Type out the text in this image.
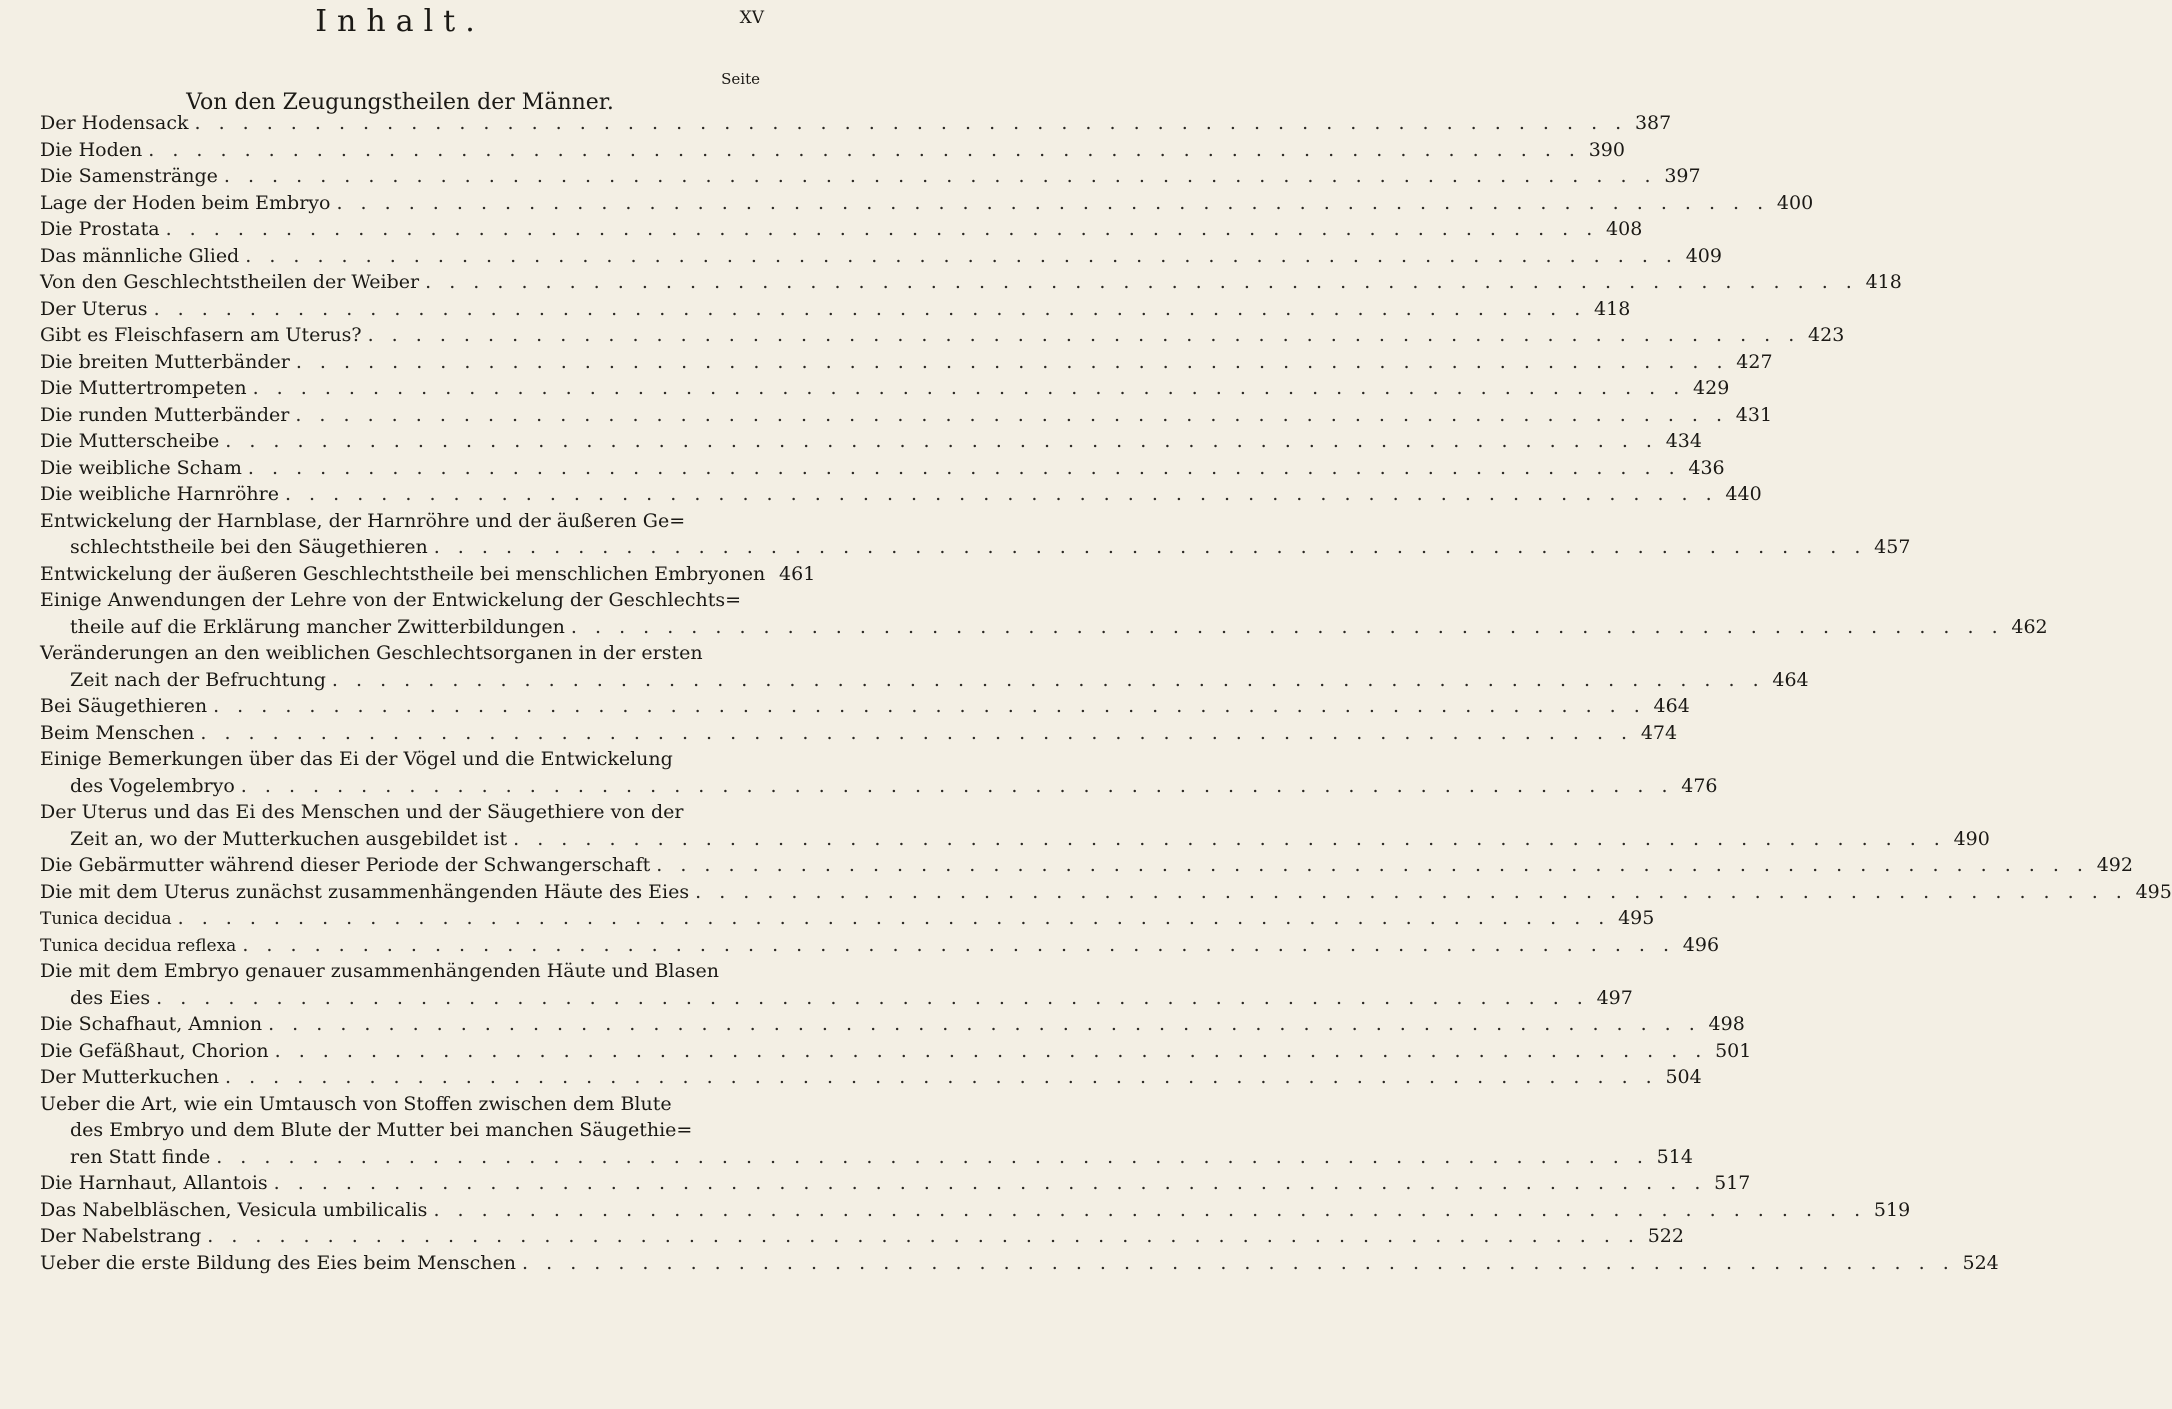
Inhalt.	XV
Seite
Von den Zeugungstheilen der Männer.
Der Hodensack . . . . . . . . . . . . . . . . . . . . . . . . . . . . . . . . . . . . . . . . . . . . . . . . . . . . . . . . . . . . 387
Die Hoden . . . . . . . . . . . . . . . . . . . . . . . . . . . . . . . . . . . . . . . . . . . . . . . . . . . . . . . . . . . . 390
Die Samenstränge . . . . . . . . . . . . . . . . . . . . . . . . . . . . . . . . . . . . . . . . . . . . . . . . . . . . . . . . . . . . 397
Lage der Hoden beim Embryo . . . . . . . . . . . . . . . . . . . . . . . . . . . . . . . . . . . . . . . . . . . . . . . . . . . . . . . . . . . . 400
Die Prostata . . . . . . . . . . . . . . . . . . . . . . . . . . . . . . . . . . . . . . . . . . . . . . . . . . . . . . . . . . . . 408
Das männliche Glied . . . . . . . . . . . . . . . . . . . . . . . . . . . . . . . . . . . . . . . . . . . . . . . . . . . . . . . . . . . . 409
Von den Geschlechtstheilen der Weiber . . . . . . . . . . . . . . . . . . . . . . . . . . . . . . . . . . . . . . . . . . . . . . . . . . . . . . . . . . . . 418
Der Uterus . . . . . . . . . . . . . . . . . . . . . . . . . . . . . . . . . . . . . . . . . . . . . . . . . . . . . . . . . . . . 418
Gibt es Fleischfasern am Uterus? . . . . . . . . . . . . . . . . . . . . . . . . . . . . . . . . . . . . . . . . . . . . . . . . . . . . . . . . . . . . 423
Die breiten Mutterbänder . . . . . . . . . . . . . . . . . . . . . . . . . . . . . . . . . . . . . . . . . . . . . . . . . . . . . . . . . . . . 427
Die Muttertrompeten . . . . . . . . . . . . . . . . . . . . . . . . . . . . . . . . . . . . . . . . . . . . . . . . . . . . . . . . . . . . 429
Die runden Mutterbänder . . . . . . . . . . . . . . . . . . . . . . . . . . . . . . . . . . . . . . . . . . . . . . . . . . . . . . . . . . . . 431
Die Mutterscheibe . . . . . . . . . . . . . . . . . . . . . . . . . . . . . . . . . . . . . . . . . . . . . . . . . . . . . . . . . . . . 434
Die weibliche Scham . . . . . . . . . . . . . . . . . . . . . . . . . . . . . . . . . . . . . . . . . . . . . . . . . . . . . . . . . . . . 436
Die weibliche Harnröhre . . . . . . . . . . . . . . . . . . . . . . . . . . . . . . . . . . . . . . . . . . . . . . . . . . . . . . . . . . . . 440
Entwickelung der Harnblase, der Harnröhre und der äußeren Ge=
schlechtstheile bei den Säugethieren . . . . . . . . . . . . . . . . . . . . . . . . . . . . . . . . . . . . . . . . . . . . . . . . . . . . . . . . . . . . 457
Entwickelung der äußeren Geschlechtstheile bei menschlichen Embryonen 461
Einige Anwendungen der Lehre von der Entwickelung der Geschlechts=
theile auf die Erklärung mancher Zwitterbildungen . . . . . . . . . . . . . . . . . . . . . . . . . . . . . . . . . . . . . . . . . . . . . . . . . . . . . . . . . . . . 462
Veränderungen an den weiblichen Geschlechtsorganen in der ersten
Zeit nach der Befruchtung . . . . . . . . . . . . . . . . . . . . . . . . . . . . . . . . . . . . . . . . . . . . . . . . . . . . . . . . . . . . 464
Bei Säugethieren . . . . . . . . . . . . . . . . . . . . . . . . . . . . . . . . . . . . . . . . . . . . . . . . . . . . . . . . . . . . 464
Beim Menschen . . . . . . . . . . . . . . . . . . . . . . . . . . . . . . . . . . . . . . . . . . . . . . . . . . . . . . . . . . . . 474
Einige Bemerkungen über das Ei der Vögel und die Entwickelung
des Vogelembryo . . . . . . . . . . . . . . . . . . . . . . . . . . . . . . . . . . . . . . . . . . . . . . . . . . . . . . . . . . . . 476
Der Uterus und das Ei des Menschen und der Säugethiere von der
Zeit an, wo der Mutterkuchen ausgebildet ist . . . . . . . . . . . . . . . . . . . . . . . . . . . . . . . . . . . . . . . . . . . . . . . . . . . . . . . . . . . . 490
Die Gebärmutter während dieser Periode der Schwangerschaft . . . . . . . . . . . . . . . . . . . . . . . . . . . . . . . . . . . . . . . . . . . . . . . . . . . . . . . . . . . . 492
Die mit dem Uterus zunächst zusammenhängenden Häute des Eies . . . . . . . . . . . . . . . . . . . . . . . . . . . . . . . . . . . . . . . . . . . . . . . . . . . . . . . . . . . . 495
Tunica decidua . . . . . . . . . . . . . . . . . . . . . . . . . . . . . . . . . . . . . . . . . . . . . . . . . . . . . . . . . . . . 495
Tunica decidua reflexa . . . . . . . . . . . . . . . . . . . . . . . . . . . . . . . . . . . . . . . . . . . . . . . . . . . . . . . . . . . . 496
Die mit dem Embryo genauer zusammenhängenden Häute und Blasen
des Eies . . . . . . . . . . . . . . . . . . . . . . . . . . . . . . . . . . . . . . . . . . . . . . . . . . . . . . . . . . . . 497
Die Schafhaut, Amnion . . . . . . . . . . . . . . . . . . . . . . . . . . . . . . . . . . . . . . . . . . . . . . . . . . . . . . . . . . . . 498
Die Gefäßhaut, Chorion . . . . . . . . . . . . . . . . . . . . . . . . . . . . . . . . . . . . . . . . . . . . . . . . . . . . . . . . . . . . 501
Der Mutterkuchen . . . . . . . . . . . . . . . . . . . . . . . . . . . . . . . . . . . . . . . . . . . . . . . . . . . . . . . . . . . . 504
Ueber die Art, wie ein Umtausch von Stoffen zwischen dem Blute
des Embryo und dem Blute der Mutter bei manchen Säugethie=
ren Statt finde . . . . . . . . . . . . . . . . . . . . . . . . . . . . . . . . . . . . . . . . . . . . . . . . . . . . . . . . . . . . 514
Die Harnhaut, Allantois . . . . . . . . . . . . . . . . . . . . . . . . . . . . . . . . . . . . . . . . . . . . . . . . . . . . . . . . . . . . 517
Das Nabelbläschen, Vesicula umbilicalis . . . . . . . . . . . . . . . . . . . . . . . . . . . . . . . . . . . . . . . . . . . . . . . . . . . . . . . . . . . . 519
Der Nabelstrang . . . . . . . . . . . . . . . . . . . . . . . . . . . . . . . . . . . . . . . . . . . . . . . . . . . . . . . . . . . . 522
Ueber die erste Bildung des Eies beim Menschen . . . . . . . . . . . . . . . . . . . . . . . . . . . . . . . . . . . . . . . . . . . . . . . . . . . . . . . . . . . . 524
